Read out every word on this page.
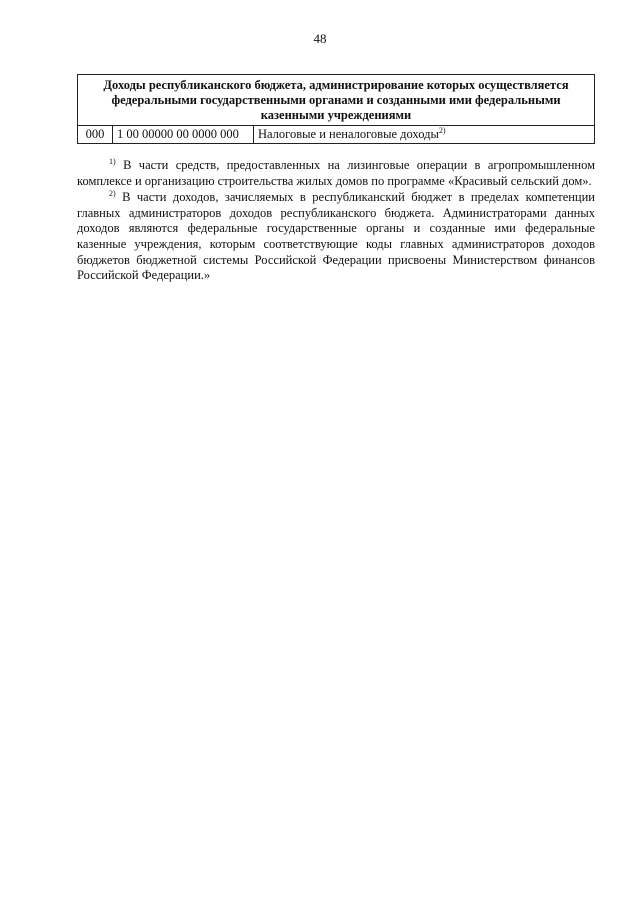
48
Доходы республиканского бюджета, администрирование которых осуществляется федеральными государственными органами и созданными ими федеральными казенными учреждениями
000	1 00 00000 00 0000 000	Налоговые и неналоговые доходы$^{2)}$

$^{1)}$ В части средств, предоставленных на лизинговые операции в агропромышленном комплексе и организацию строительства жилых домов по программе «Красивый сельский дом».

$^{2)}$ В части доходов, зачисляемых в республиканский бюджет в пределах компетенции главных администраторов доходов республиканского бюджета. Администраторами данных доходов являются федеральные государственные органы и созданные ими федеральные казенные учреждения, которым соответствующие коды главных администраторов доходов бюджетов бюджетной системы Российской Федерации присвоены Министерством финансов Российской Федерации.»
